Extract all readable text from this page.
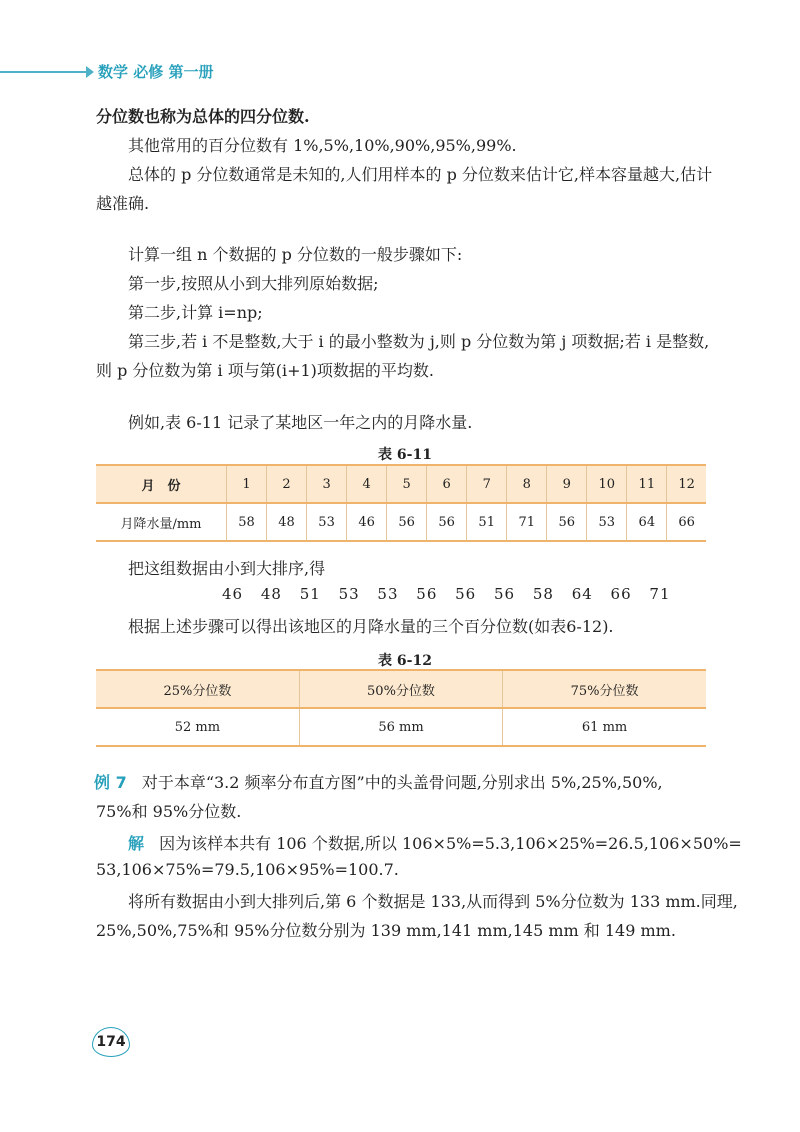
数学 必修 第一册
分位数也称为总体的四分位数.
其他常用的百分位数有 1%,5%,10%,90%,95%,99%.
总体的 p 分位数通常是未知的,人们用样本的 p 分位数来估计它,样本容量越大,估计
越准确.
计算一组 n 个数据的 p 分位数的一般步骤如下:
第一步,按照从小到大排列原始数据;
第二步,计算 i=np;
第三步,若 i 不是整数,大于 i 的最小整数为 j,则 p 分位数为第 j 项数据;若 i 是整数,
则 p 分位数为第 i 项与第(i+1)项数据的平均数.
例如,表 6-11 记录了某地区一年之内的月降水量.
表 6-11
月　份	1	2	3	4	5	6	7	8	9	10	11	12
月降水量/mm	58	48	53	46	56	56	51	71	56	53	64	66
把这组数据由小到大排序,得
46 48 51 53 53 56 56 56 58 64 66 71
根据上述步骤可以得出该地区的月降水量的三个百分位数(如表6-12).
表 6-12
25%分位数	50%分位数	75%分位数
52 mm	56 mm	61 mm
例 7 对于本章“3.2 频率分布直方图”中的头盖骨问题,分别求出 5%,25%,50%,
75%和 95%分位数.
解 因为该样本共有 106 个数据,所以 106×5%=5.3,106×25%=26.5,106×50%=
53,106×75%=79.5,106×95%=100.7.
将所有数据由小到大排列后,第 6 个数据是 133,从而得到 5%分位数为 133 mm.同理,
25%,50%,75%和 95%分位数分别为 139 mm,141 mm,145 mm 和 149 mm.
174
